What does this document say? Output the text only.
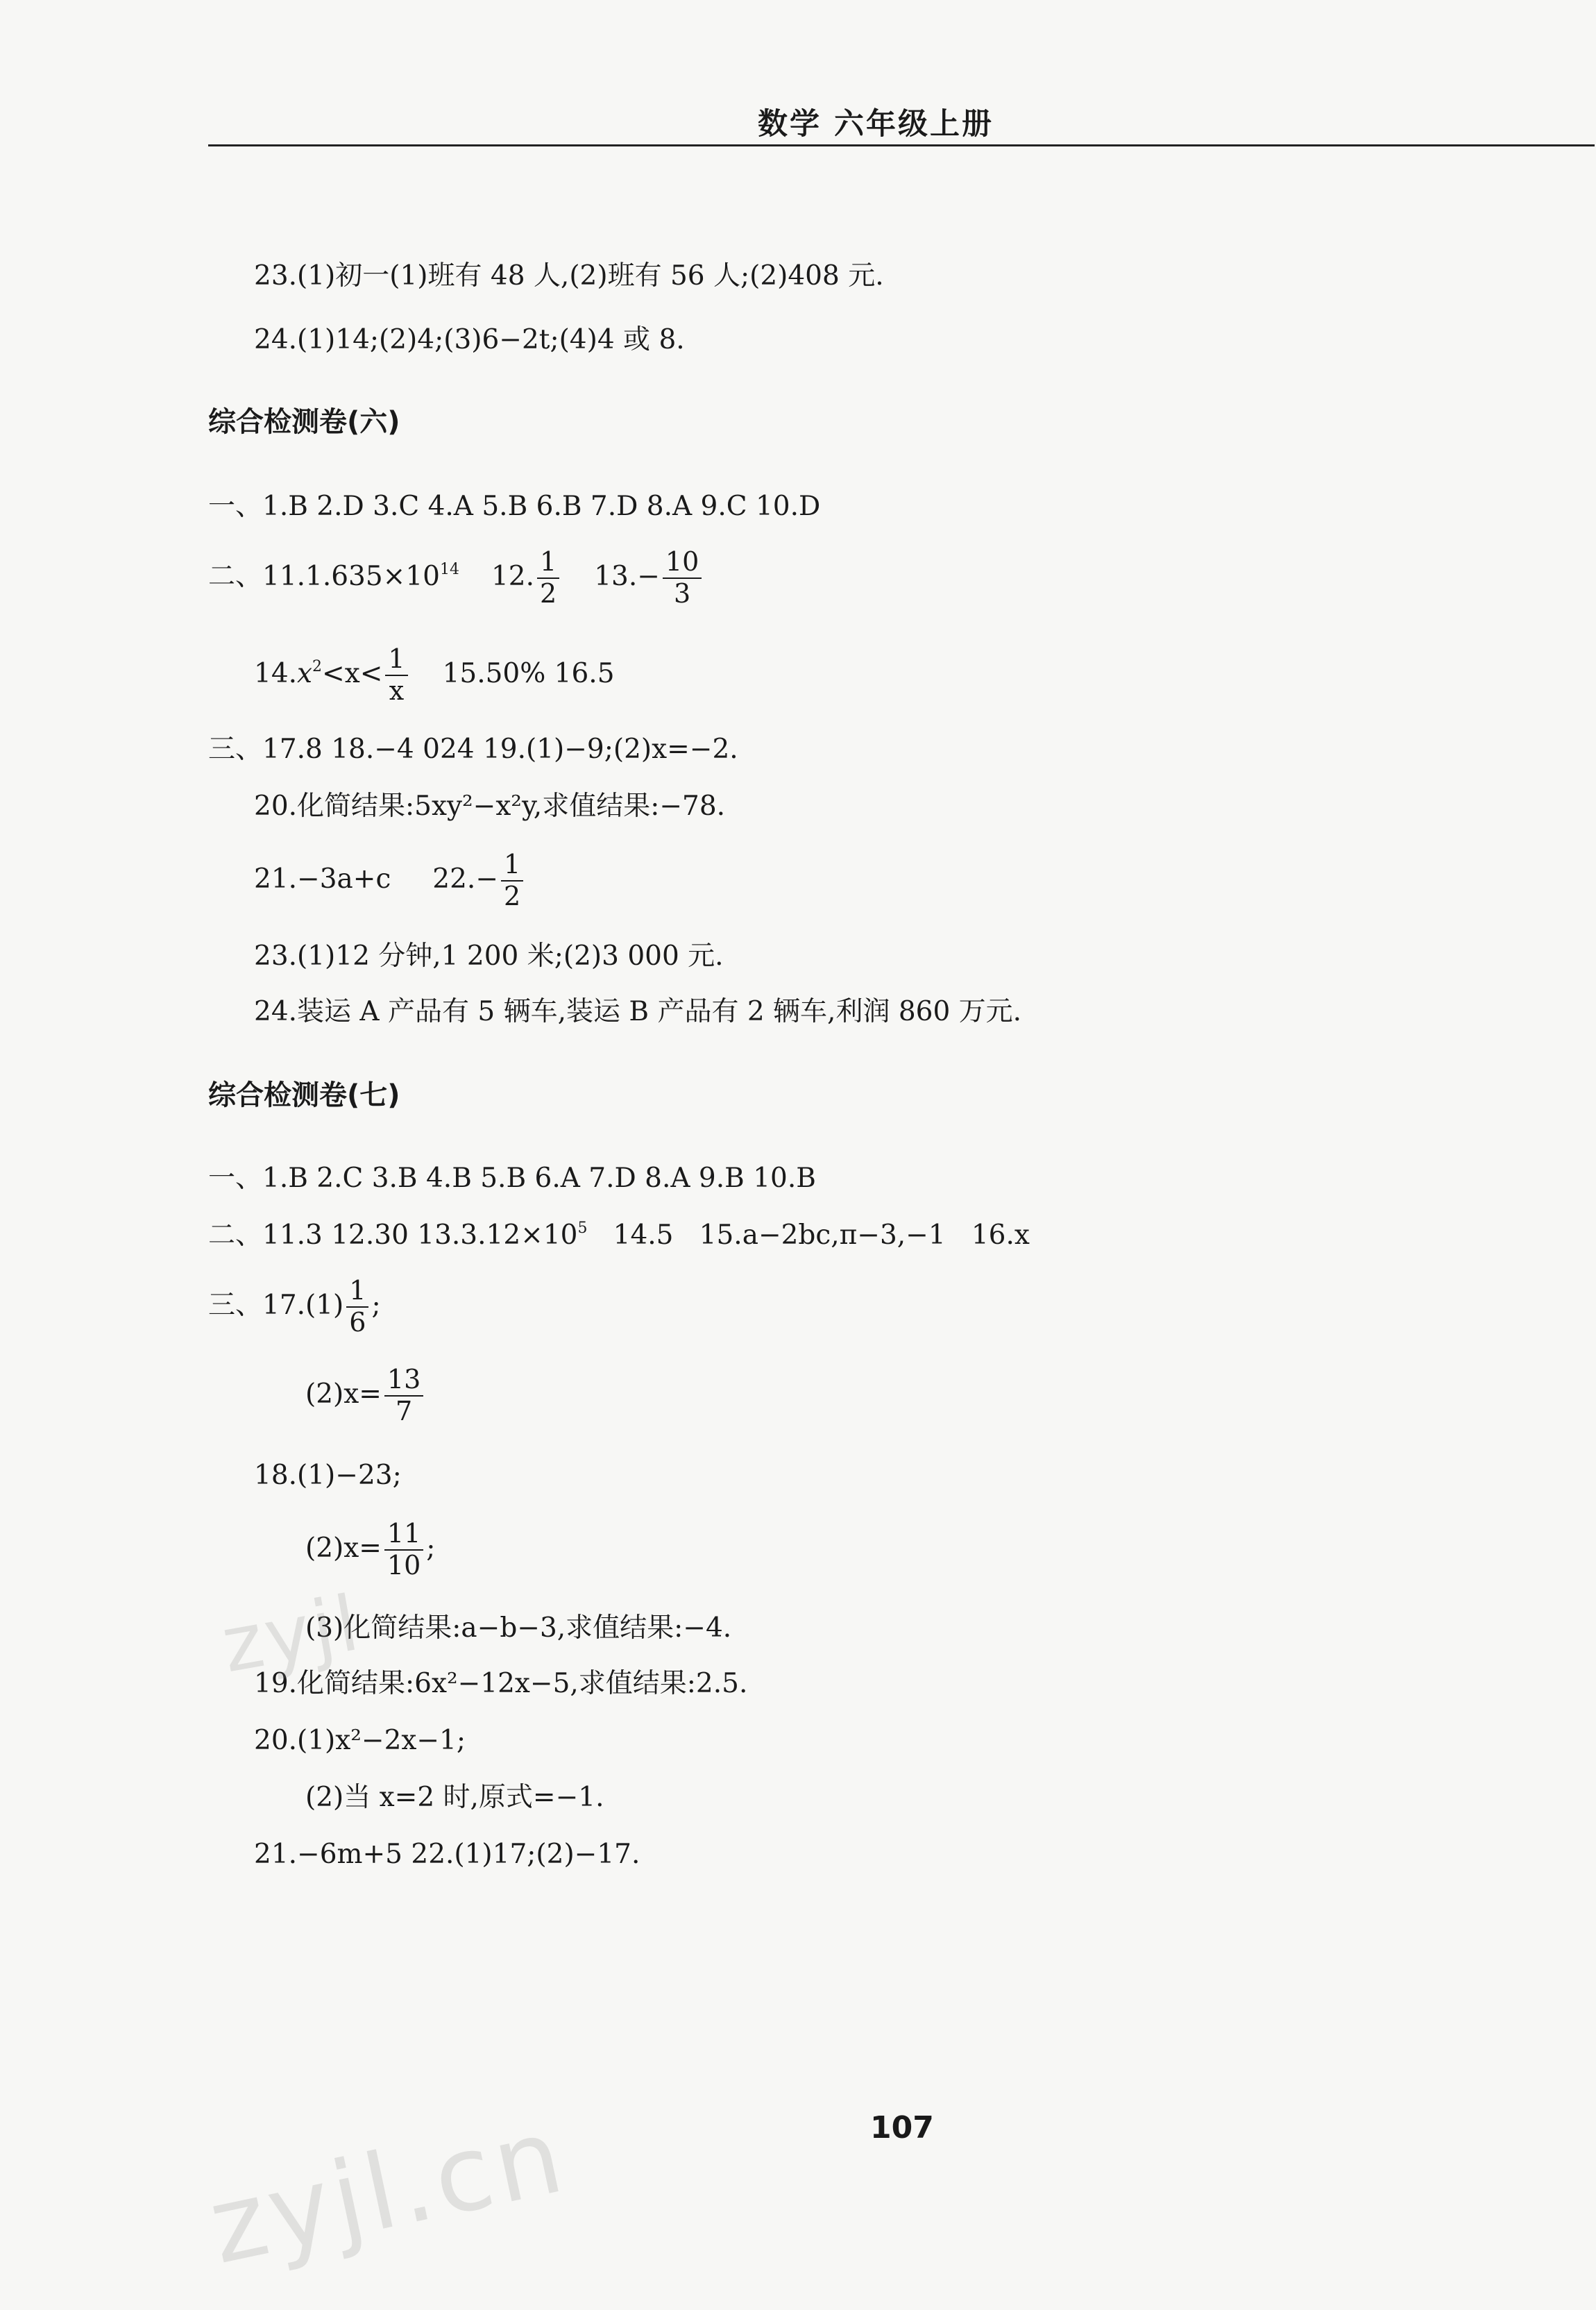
数学 六年级上册
23.(1)初一(1)班有 48 人,(2)班有 56 人;(2)408 元.
24.(1)14;(2)4;(3)6−2t;(4)4 或 8.
综合检测卷(六)
一、1.B 2.D 3.C 4.A 5.B 6.B 7.D 8.A 9.C 10.D
二、$11.1.635\times 10^{14}$ 12. $\frac{1}{2} 13.- \frac{10}{3}$
$14.x^2<x< \frac{1}{x} 15.50\%$ 16.5
三、17.8 18.−4 024 19.(1)−9;(2)x=−2.
20.化简结果:5xy²−x²y,求值结果:−78.
21.−3a+c $22.- \frac{1}{2}$
23.(1)12 分钟,1 200 米;(2)3 000 元.
24.装运 A 产品有 5 辆车,装运 B 产品有 2 辆车,利润 860 万元.
综合检测卷(七)
一、1.B 2.C 3.B 4.B 5.B 6.A 7.D 8.A 9.B 10.B
二、11.3 12.30 $13.3.12\times 10^5$   14.5   15.a−2bc,π−3,−1   16.x
三、$17.(1) \frac{1}{6}$ ;
$(2)x= \frac{13}{7}$
18.(1)−23;
$(2)x= \frac{11}{10}$ ;
(3)化简结果:a−b−3,求值结果:−4.
19.化简结果:6x²−12x−5,求值结果:2.5.
20.(1)x²−2x−1;
(2)当 x=2 时,原式=−1.
21.−6m+5 22.(1)17;(2)−17.
107
zyjl
zyjl.cn
